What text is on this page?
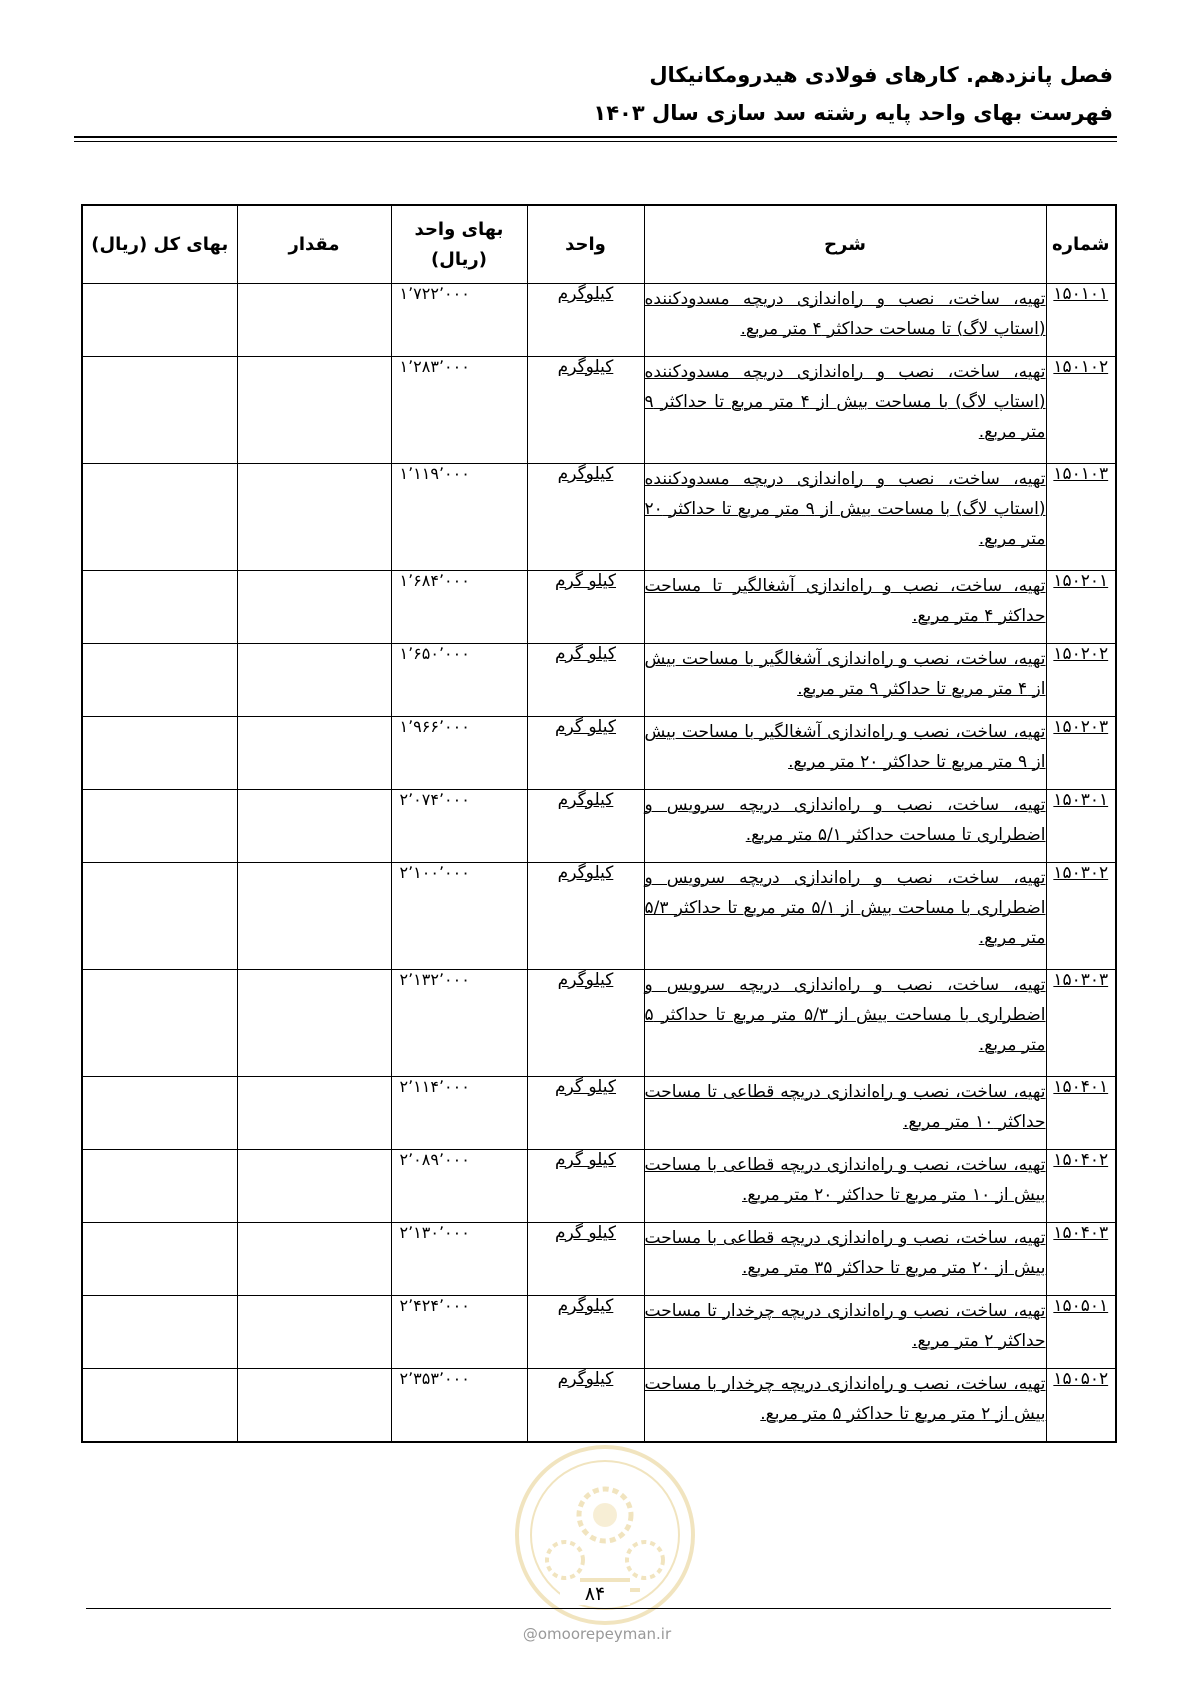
فصل پانزدهم. کارهای فولادی هیدرومکانیکال
فهرست بهای واحد پایه رشته سد سازی سال ۱۴۰۳
شماره	شرح	واحد	بهای واحد (ریال)	مقدار	بهای کل (ریال)
۱۵۰۱۰۱	تهیه، ساخت، نصب و راه‌اندازی دریچه مسدودکننده (استاپ لاگ) تا مساحت حداکثر ۴ متر مربع.	کیلوگرم	۱٬۷۲۲٬۰۰۰		
۱۵۰۱۰۲	تهیه، ساخت، نصب و راه‌اندازی دریچه مسدودکننده (استاپ لاگ) با مساحت بیش از ۴ متر مربع تا حداکثر ۹ متر مربع.	کیلوگرم	۱٬۲۸۳٬۰۰۰		
۱۵۰۱۰۳	تهیه، ساخت، نصب و راه‌اندازی دریچه مسدودکننده (استاپ لاگ) با مساحت بیش از ۹ متر مربع تا حداکثر ۲۰ متر مربع.	کیلوگرم	۱٬۱۱۹٬۰۰۰		
۱۵۰۲۰۱	تهیه، ساخت، نصب و راه‌اندازی آشغالگیر تا مساحت حداکثر ۴ متر مربع.	کیلو گرم	۱٬۶۸۴٬۰۰۰		
۱۵۰۲۰۲	تهیه، ساخت، نصب و راه‌اندازی آشغالگیر با مساحت بیش از ۴ متر مربع تا حداکثر ۹ متر مربع.	کیلو گرم	۱٬۶۵۰٬۰۰۰		
۱۵۰۲۰۳	تهیه، ساخت، نصب و راه‌اندازی آشغالگیر با مساحت بیش از ۹ متر مربع تا حداکثر ۲۰ متر مربع.	کیلو گرم	۱٬۹۶۶٬۰۰۰		
۱۵۰۳۰۱	تهیه، ساخت، نصب و راه‌اندازی دریچه سرویس و اضطراری تا مساحت حداکثر ۵/۱ متر مربع.	کیلوگرم	۲٬۰۷۴٬۰۰۰		
۱۵۰۳۰۲	تهیه، ساخت، نصب و راه‌اندازی دریچه سرویس و اضطراری با مساحت بیش از ۵/۱ متر مربع تا حداکثر ۵/۳ متر مربع.	کیلوگرم	۲٬۱۰۰٬۰۰۰		
۱۵۰۳۰۳	تهیه، ساخت، نصب و راه‌اندازی دریچه سرویس و اضطراری با مساحت بیش از ۵/۳ متر مربع تا حداکثر ۵ متر مربع.	کیلوگرم	۲٬۱۳۲٬۰۰۰		
۱۵۰۴۰۱	تهیه، ساخت، نصب و راه‌اندازی دریچه قطاعی تا مساحت حداکثر ۱۰ متر مربع.	کیلو گرم	۲٬۱۱۴٬۰۰۰		
۱۵۰۴۰۲	تهیه، ساخت، نصب و راه‌اندازی دریچه قطاعی با مساحت بیش از ۱۰ متر مربع تا حداکثر ۲۰ متر مربع.	کیلو گرم	۲٬۰۸۹٬۰۰۰		
۱۵۰۴۰۳	تهیه، ساخت، نصب و راه‌اندازی دریچه قطاعی با مساحت بیش از ۲۰ متر مربع تا حداکثر ۳۵ متر مربع.	کیلو گرم	۲٬۱۳۰٬۰۰۰		
۱۵۰۵۰۱	تهیه، ساخت، نصب و راه‌اندازی دریچه چرخدار تا مساحت حداکثر ۲ متر مربع.	کیلوگرم	۲٬۴۲۴٬۰۰۰		
۱۵۰۵۰۲	تهیه، ساخت، نصب و راه‌اندازی دریچه چرخدار با مساحت بیش از ۲ متر مربع تا حداکثر ۵ متر مربع.	کیلوگرم	۲٬۳۵۳٬۰۰۰		
۸۴
@omoorepeyman.ir
